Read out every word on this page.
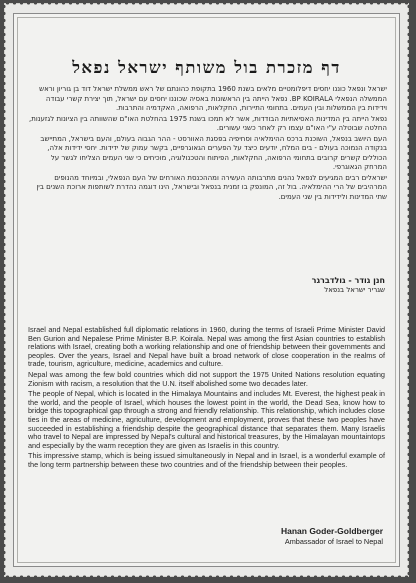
דף מזכרת בול משותף ישראל נפאל

ישראל ונפאל כוננו יחסים דיפלומטיים מלאים בשנת 1960 בתקופת כהונתם של ראש ממשלת ישראל דוד בן גוריון וראש הממשלה הנפאלי BP KOIRALA. נפאל הייתה בין הראשונות באסיה שכוננו יחסים עם ישראל, תוך יצירת קשרי עבודה וידידות בין הממשלות ובין העמים. בתחומי התיירות, החקלאות, הרפואה, האקדמיה והתרבות.

נפאל הייתה בין המדינות האסיאתיות הבודדות, אשר לא תמכו בשנת 1975 בהחלטת האו"ם שהשוותה בין הציונות לגזענות, החלטה שבוטלה ע"י האו"ם עצמו רק לאחר כשני עשורים.

העם היושב בנפאל, השוכנת ברכס ההימלאיה וסחיפיה בפסגת האוורסט - ההר הגבוה בעולם, והעם בישראל, המתיישב בנקודה הנמוכה בעולם - בים המלח, יודעים כיצד על הפערים הגאוגרפיים, בקשר עמוק של ידידות. יחסי ידידות אלה, הכוללים קשרים קרובים בתחומי הרפואה, החקלאות, הפיתוח והטכנולוגיה, מוכיחים כי שני העמים הצליחו לגשר על המרחק הגאוגרפי.

ישראלים רבים המגיעים לנפאל נהנים מתרבותה העשירה ומההכנסת האורחים של העם הנפאלי, ובמיוחד מהנופים המרהיבים של הרי ההימלאיה. בול זה, המונפק בו זמנית בנפאל ובישראל, הינו דוגמה נהדרת לשותפות ארוכת השנים בין שתי המדינות ולידידות בין שני העמים.

חנן גודר - גולדברגר
שגריר ישראל בנפאל

Israel and Nepal established full diplomatic relations in 1960, during the terms of Israeli Prime Minister David Ben Gurion and Nepalese Prime Minister B.P. Koirala. Nepal was among the first Asian countries to establish relations with Israel, creating both a working relationship and one of friendship between their governments and peoples. Over the years, Israel and Nepal have built a broad network of close cooperation in the realms of trade, tourism, agriculture, medicine, academics and culture.

Nepal was among the few bold countries which did not support the 1975 United Nations resolution equating Zionism with racism, a resolution that the U.N. itself abolished some two decades later.

The people of Nepal, which is located in the Himalaya Mountains and includes Mt. Everest, the highest peak in the world, and the people of Israel, which houses the lowest point in the world, the Dead Sea, know how to bridge this topographical gap through a strong and friendly relationship. This relationship, which includes close ties in the areas of medicine, agriculture, development and employment, proves that these two peoples have succeeded in establishing a friendship despite the geographical distance that separates them. Many Israelis who travel to Nepal are impressed by Nepal's cultural and historical treasures, by the Himalayan mountaintops and especially by the warm reception they are given as Israelis in this country.

This impressive stamp, which is being issued simultaneously in Nepal and in Israel, is a wonderful example of the long term partnership between these two countries and of the friendship between their peoples.

Hanan Goder-Goldberger
Ambassador of Israel to Nepal
